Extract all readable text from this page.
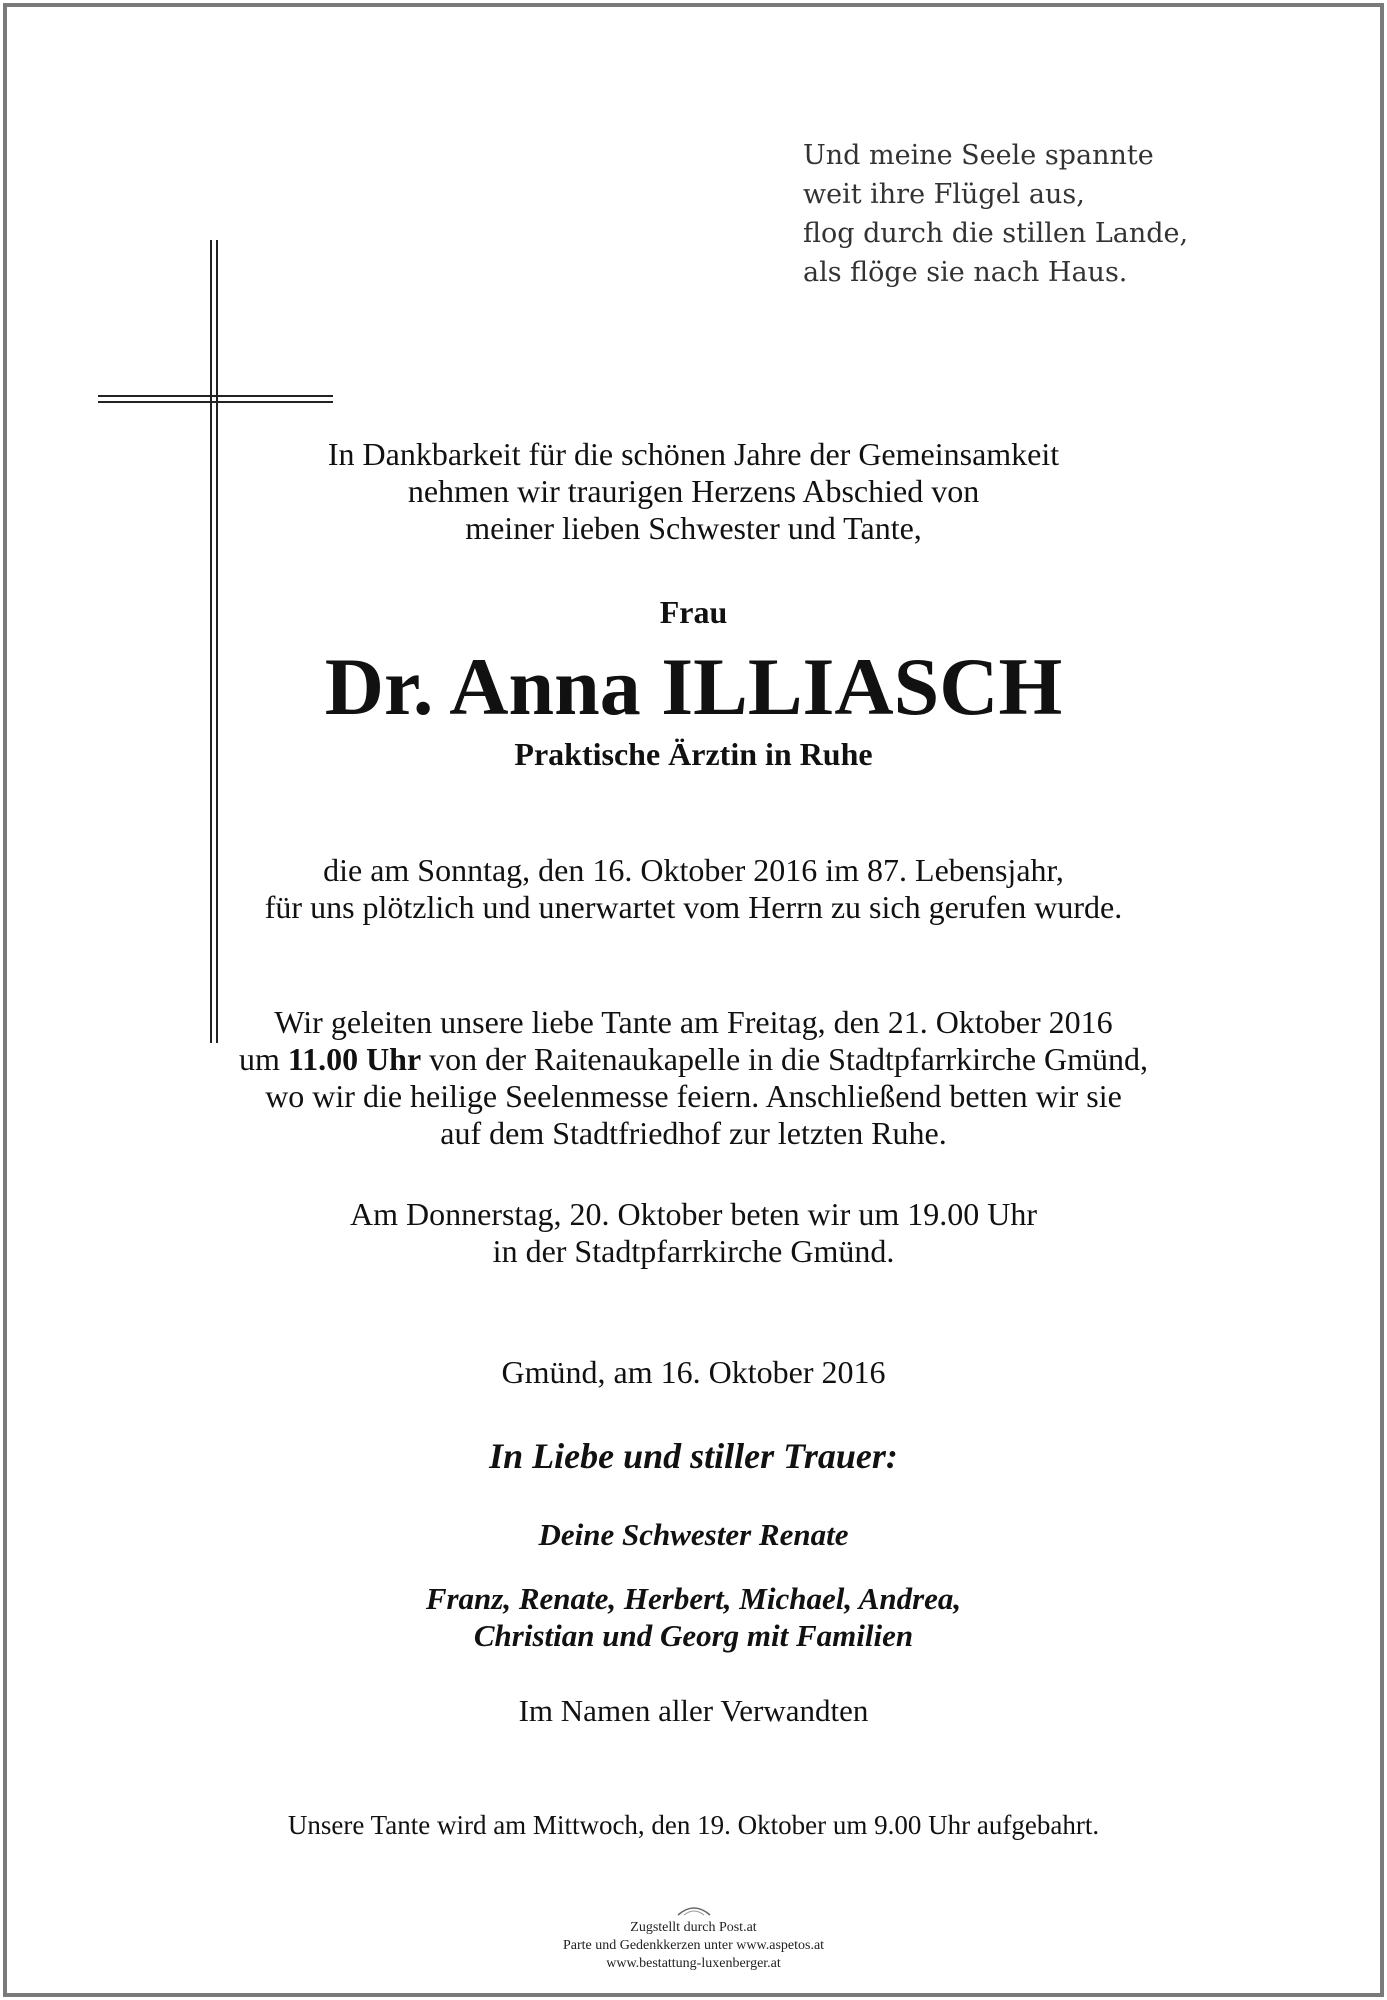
Und meine Seele spannte
weit ihre Flügel aus,
flog durch die stillen Lande,
als flöge sie nach Haus.
In Dankbarkeit für die schönen Jahre der Gemeinsamkeit
nehmen wir traurigen Herzens Abschied von
meiner lieben Schwester und Tante,
Frau
Dr. Anna ILLIASCH
Praktische Ärztin in Ruhe
die am Sonntag, den 16. Oktober 2016 im 87. Lebensjahr,
für uns plötzlich und unerwartet vom Herrn zu sich gerufen wurde.
Wir geleiten unsere liebe Tante am Freitag, den 21. Oktober 2016
um 11.00 Uhr von der Raitenaukapelle in die Stadtpfarrkirche Gmünd,
wo wir die heilige Seelenmesse feiern. Anschließend betten wir sie
auf dem Stadtfriedhof zur letzten Ruhe.
Am Donnerstag, 20. Oktober beten wir um 19.00 Uhr
in der Stadtpfarrkirche Gmünd.
Gmünd, am 16. Oktober 2016
In Liebe und stiller Trauer:
Deine Schwester Renate
Franz, Renate, Herbert, Michael, Andrea,
Christian und Georg mit Familien
Im Namen aller Verwandten
Unsere Tante wird am Mittwoch, den 19. Oktober um 9.00 Uhr aufgebahrt.
Zugstellt durch Post.at
Parte und Gedenkkerzen unter www.aspetos.at
www.bestattung-luxenberger.at
